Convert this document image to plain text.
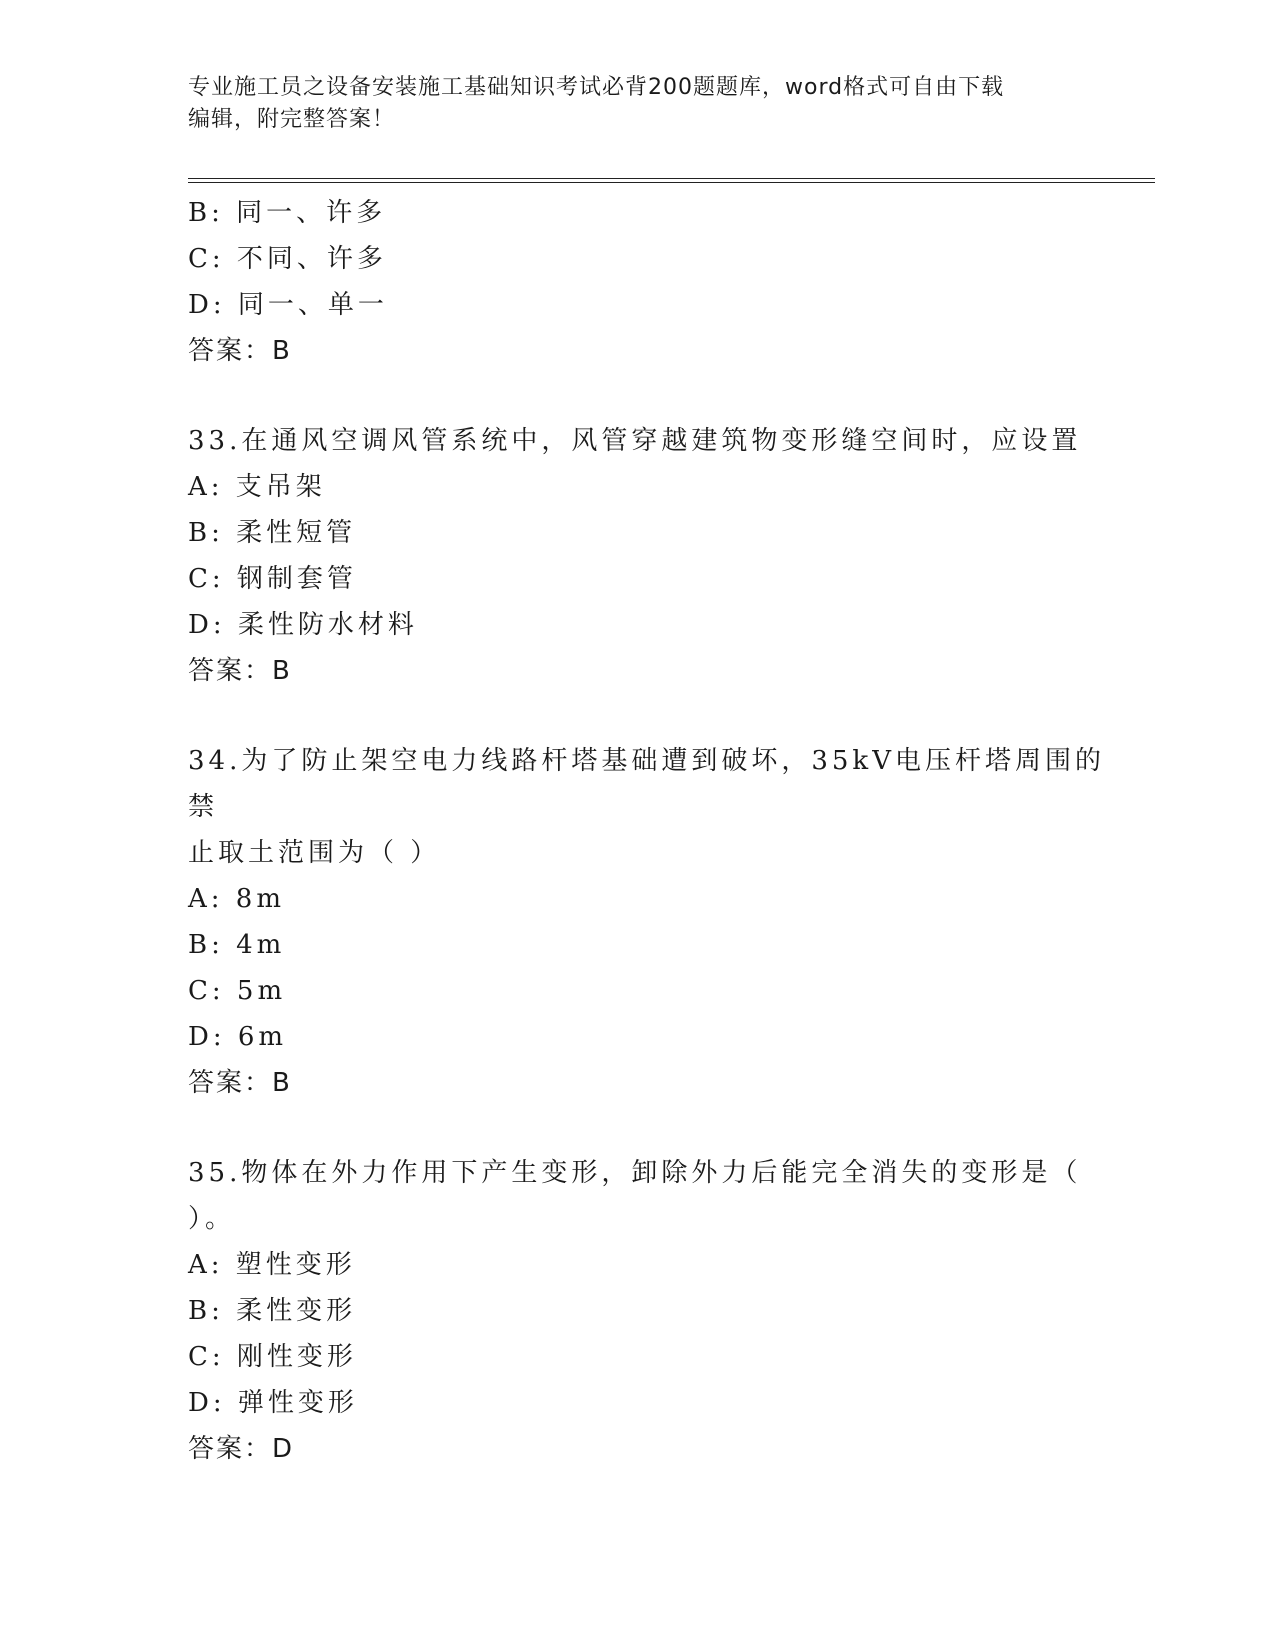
专业施工员之设备安装施工基础知识考试必背200题题库，word格式可自由下载
编辑，附完整答案！
B: 同一、许多
C: 不同、许多
D: 同一、单一
答案：B
33.在通风空调风管系统中，风管穿越建筑物变形缝空间时，应设置
A: 支吊架
B: 柔性短管
C: 钢制套管
D: 柔性防水材料
答案：B
34.为了防止架空电力线路杆塔基础遭到破坏，35kV电压杆塔周围的禁
止取土范围为（ ）
A: 8m
B: 4m
C: 5m
D: 6m
答案：B
35.物体在外力作用下产生变形，卸除外力后能完全消失的变形是（
）。
A: 塑性变形
B: 柔性变形
C: 刚性变形
D: 弹性变形
答案：D
